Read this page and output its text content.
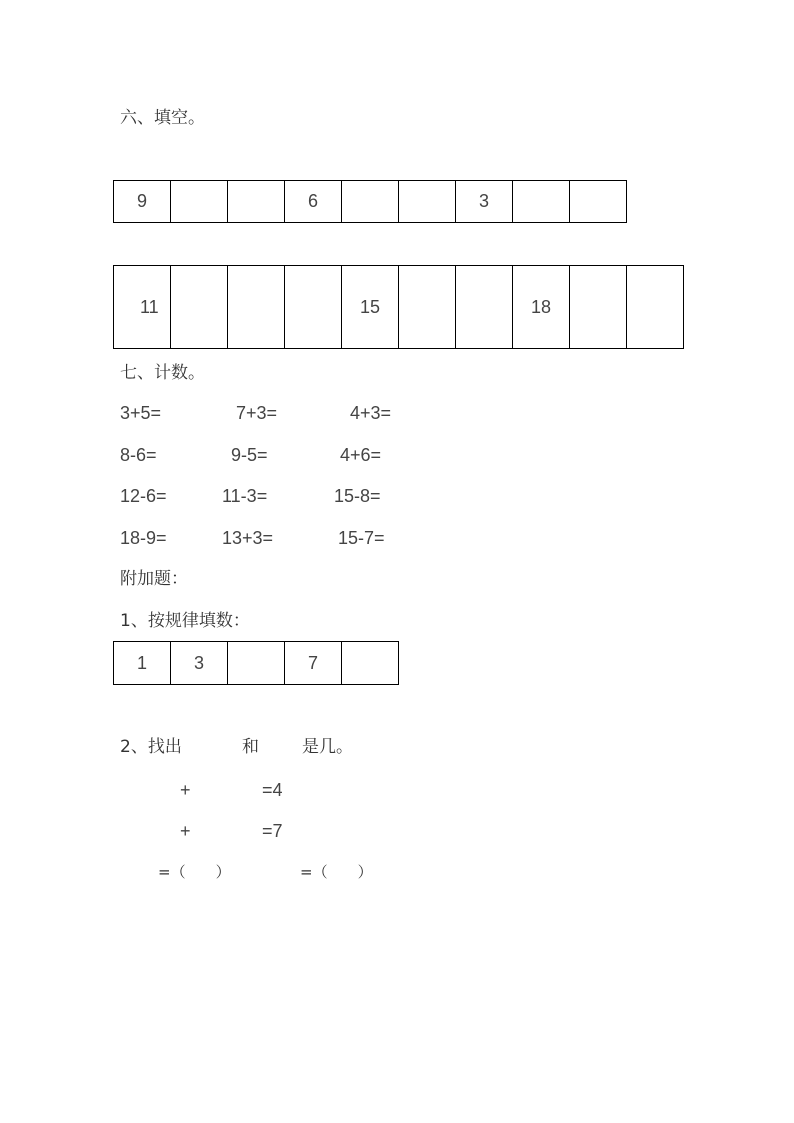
六、填空。
9			6			3		
11				15			18		
七、计数。
3+5=	7+3=	4+3=
8-6=	9-5=	4+6=
12-6=	11-3=	15-8=
18-9=	13+3=	15-7=
附加题：
1、按规律填数：
1	3		7	
2、找出	和	是几。
+	=4
+	=7
=（　　）	=（　　）
